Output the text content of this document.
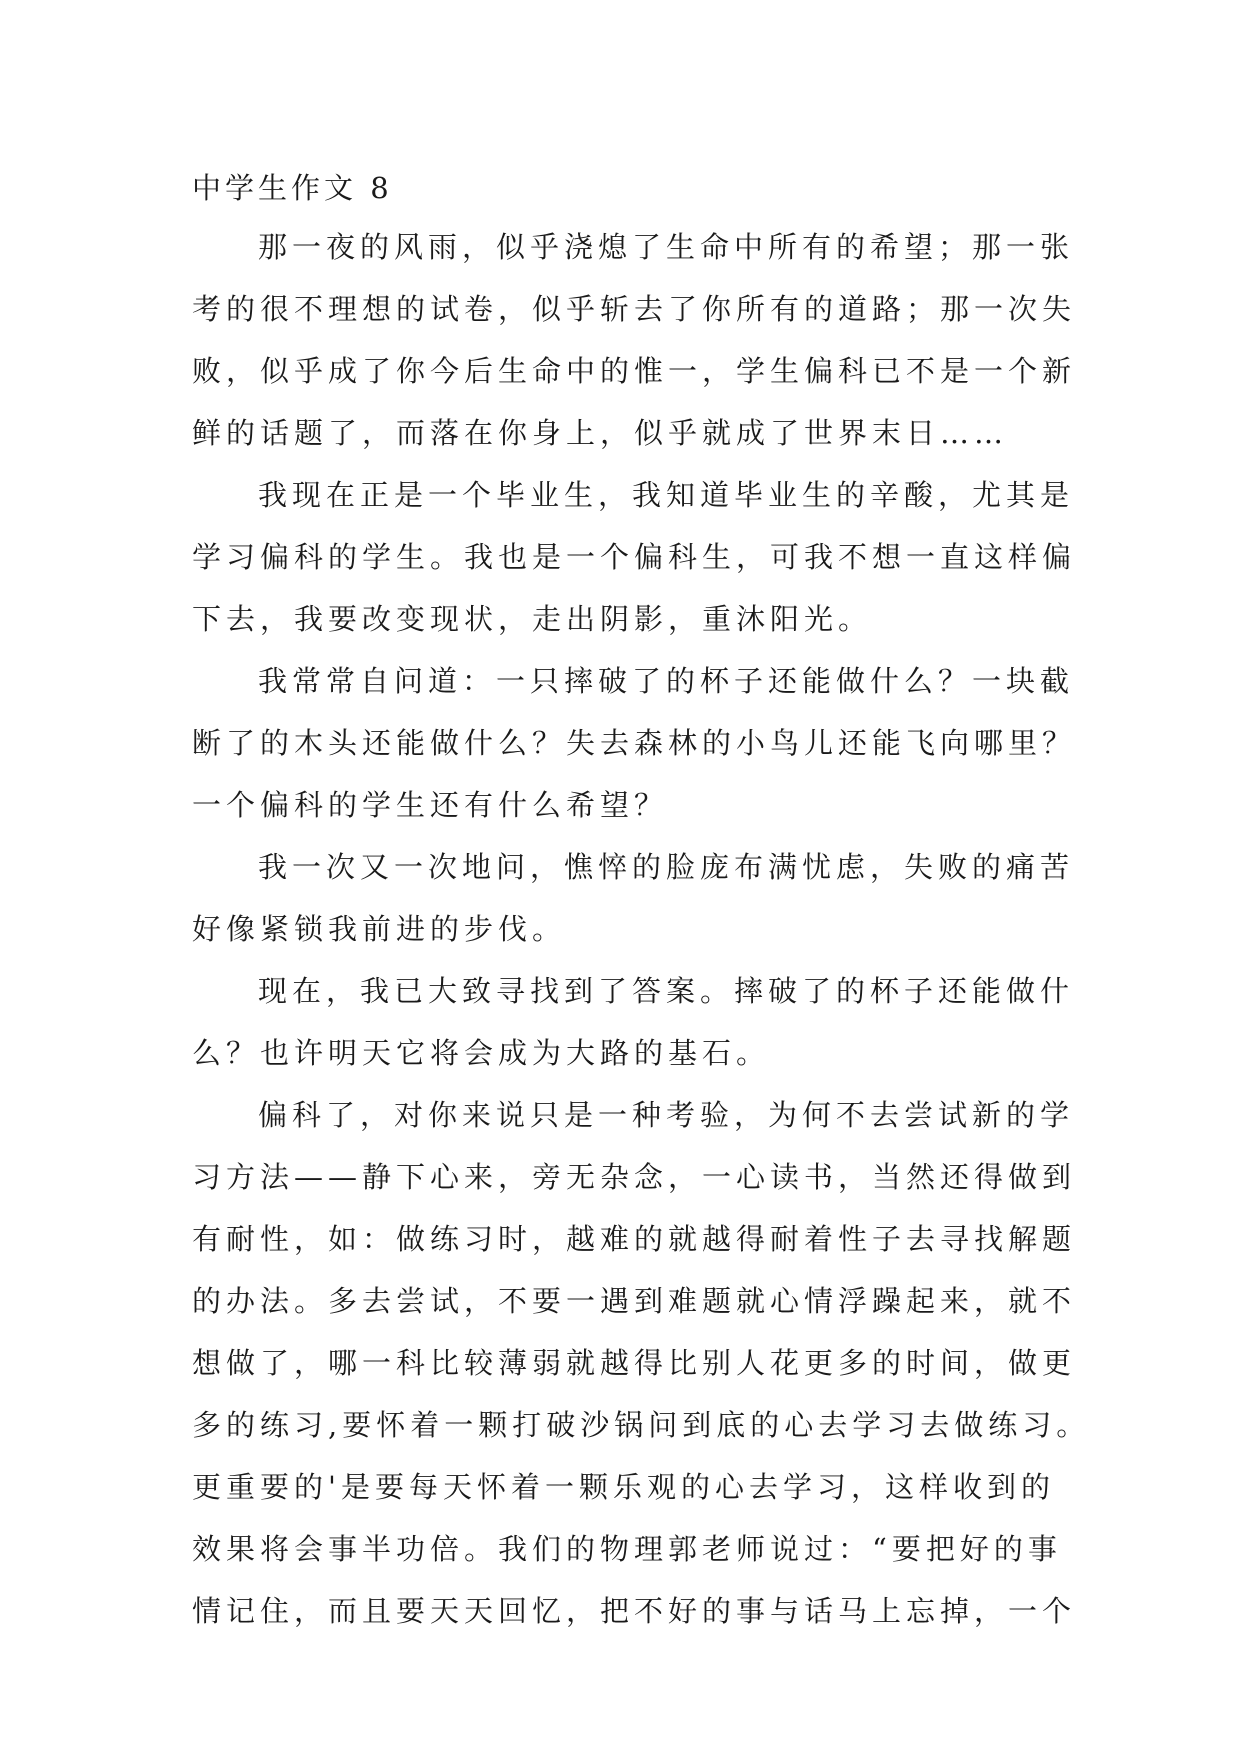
中学生作文 8

那一夜的风雨，似乎浇熄了生命中所有的希望；那一张
考的很不理想的试卷，似乎斩去了你所有的道路；那一次失
败，似乎成了你今后生命中的惟一，学生偏科已不是一个新
鲜的话题了，而落在你身上，似乎就成了世界末日……

我现在正是一个毕业生，我知道毕业生的辛酸，尤其是
学习偏科的学生。我也是一个偏科生，可我不想一直这样偏
下去，我要改变现状，走出阴影，重沐阳光。

我常常自问道：一只摔破了的杯子还能做什么？一块截
断了的木头还能做什么？失去森林的小鸟儿还能飞向哪里？
一个偏科的学生还有什么希望？

我一次又一次地问，憔悴的脸庞布满忧虑，失败的痛苦
好像紧锁我前进的步伐。

现在，我已大致寻找到了答案。摔破了的杯子还能做什
么？也许明天它将会成为大路的基石。

偏科了，对你来说只是一种考验，为何不去尝试新的学
习方法——静下心来，旁无杂念，一心读书，当然还得做到
有耐性，如：做练习时，越难的就越得耐着性子去寻找解题
的办法。多去尝试，不要一遇到难题就心情浮躁起来，就不
想做了，哪一科比较薄弱就越得比别人花更多的时间，做更
多的练习,要怀着一颗打破沙锅问到底的心去学习去做练习。
更重要的'是要每天怀着一颗乐观的心去学习，这样收到的
效果将会事半功倍。我们的物理郭老师说过：“要把好的事
情记住，而且要天天回忆，把不好的事与话马上忘掉，一个
